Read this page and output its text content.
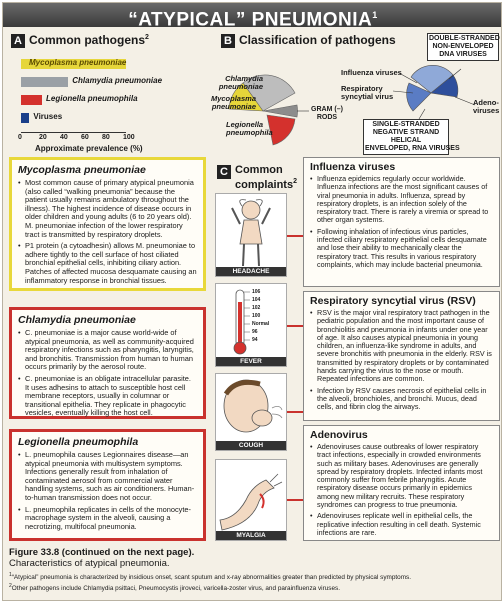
“ATYPICAL” PNEUMONIA$^1$
A Common pathogens$^2$
Mycoplasma pneumoniae
Chlamydia pneumoniae
Legionella pneumophila
Viruses
0 20 40 60 80 100
Approximate prevalence (%)
B Classification of pathogens
Chlamydia
pneumoniae
Mycoplasma
pneumoniae
Legionella
pneumophila
GRAM (–)
RODS
Influenza viruses
Respiratory
syncytial virus
Adeno-
viruses
DOUBLE-STRANDED
NON-ENVELOPED
DNA VIRUSES
SINGLE-STRANDED
NEGATIVE STRAND
HELICAL
ENVELOPED, RNA VIRUSES
Mycoplasma pneumoniae

• Most common cause of primary atypical pneumonia (also called “walking pneumonia” because the patient usually remains ambulatory throughout the illness). The highest incidence of disease occurs in older children and young adults (6 to 20 years old). M. pneumoniae infection of the lower respiratory tract is transmitted by respiratory droplets.

• P1 protein (a cytoadhesin) allows M. pneumoniae to adhere tightly to the cell surface of host ciliated bronchial epithelial cells, inhibiting ciliary action. Patches of affected mucosa desquamate causing an inflammatory response in bronchial tissues.

Chlamydia pneumoniae

• C. pneumoniae is a major cause world-wide of atypical pneumonia, as well as community-acquired respiratory infections such as pharyngitis, laryngitis, and bronchitis. Transmission from human to human occurs primarily by the aerosol route.

• C. pneumoniae is an obligate intracellular parasite. It uses adhesins to attach to susceptible host cell membrane receptors, usually in columnar or transitional epithelia. They replicate in phagocytic vesicles, eventually killing the host cell.

Legionella pneumophila

• L. pneumophila causes Legionnaires disease—an atypical pneumonia with multisystem symptoms. Infections generally result from inhalation of contaminated aerosol from commercial water handling systems, such as air conditioners. Human-to-human transmission does not occur.

• L. pneumophila replicates in cells of the monocyte-macrophage system in the alveoli, causing a necrotizing, multifocal pneumonia.

C Common
complaints$^2$
HEADACHE
106
104
102
100
Normal
96
94
FEVER
COUGH
MYALGIA
Influenza viruses

• Influenza epidemics regularly occur worldwide. Influenza infections are the most significant causes of viral pneumonia in adults. Influenza, spread by respiratory droplets, is an infection solely of the respiratory tract. There is rarely a viremia or spread to other organ systems.

• Following inhalation of infectious virus particles, infected ciliary respiratory epithelial cells desquamate and lose their ability to mechanically clear the respiratory tract. This results in various respiratory complaints, which may include bacterial pneumonia.

Respiratory syncytial virus (RSV)

• RSV is the major viral respiratory tract pathogen in the pediatric population and the most important cause of bronchiolitis and pneumonia in infants under one year of age. It also causes atypical pneumonia in young children, an influenza-like syndrome in adults, and severe bronchitis with pneumonia in the elderly. RSV is transmitted by respiratory droplets or by contaminated hands carrying the virus to the nose or mouth. Repeated infections are common.

• Infection by RSV causes necrosis of epithelial cells in the alveoli, bronchioles, and bronchi. Mucus, dead cells, and fibrin clog the airways.

Adenovirus

• Adenoviruses cause outbreaks of lower respiratory tract infections, especially in crowded environments such as military bases. Adenoviruses are generally spread by respiratory droplets. Infected infants most commonly suffer from febrile pharyngitis. Acute respiratory disease occurs primarily in epidemics among new military recruits. These respiratory syndromes can progress to true pneumonia.

• Adenoviruses replicate well in epithelial cells, the replicative infection resulting in cell death. Systemic infections are rare.

Figure 33.8 (continued on the next page).
Characteristics of atypical pneumonia.
$^1$“Atypical” pneumonia is characterized by insidious onset, scant sputum and x-ray abnormalities greater than predicted by physical symptoms.
$^2$Other pathogens include Chlamydia psittaci, Pneumocystis jiroveci, varicella-zoster virus, and parainfluenza viruses.
